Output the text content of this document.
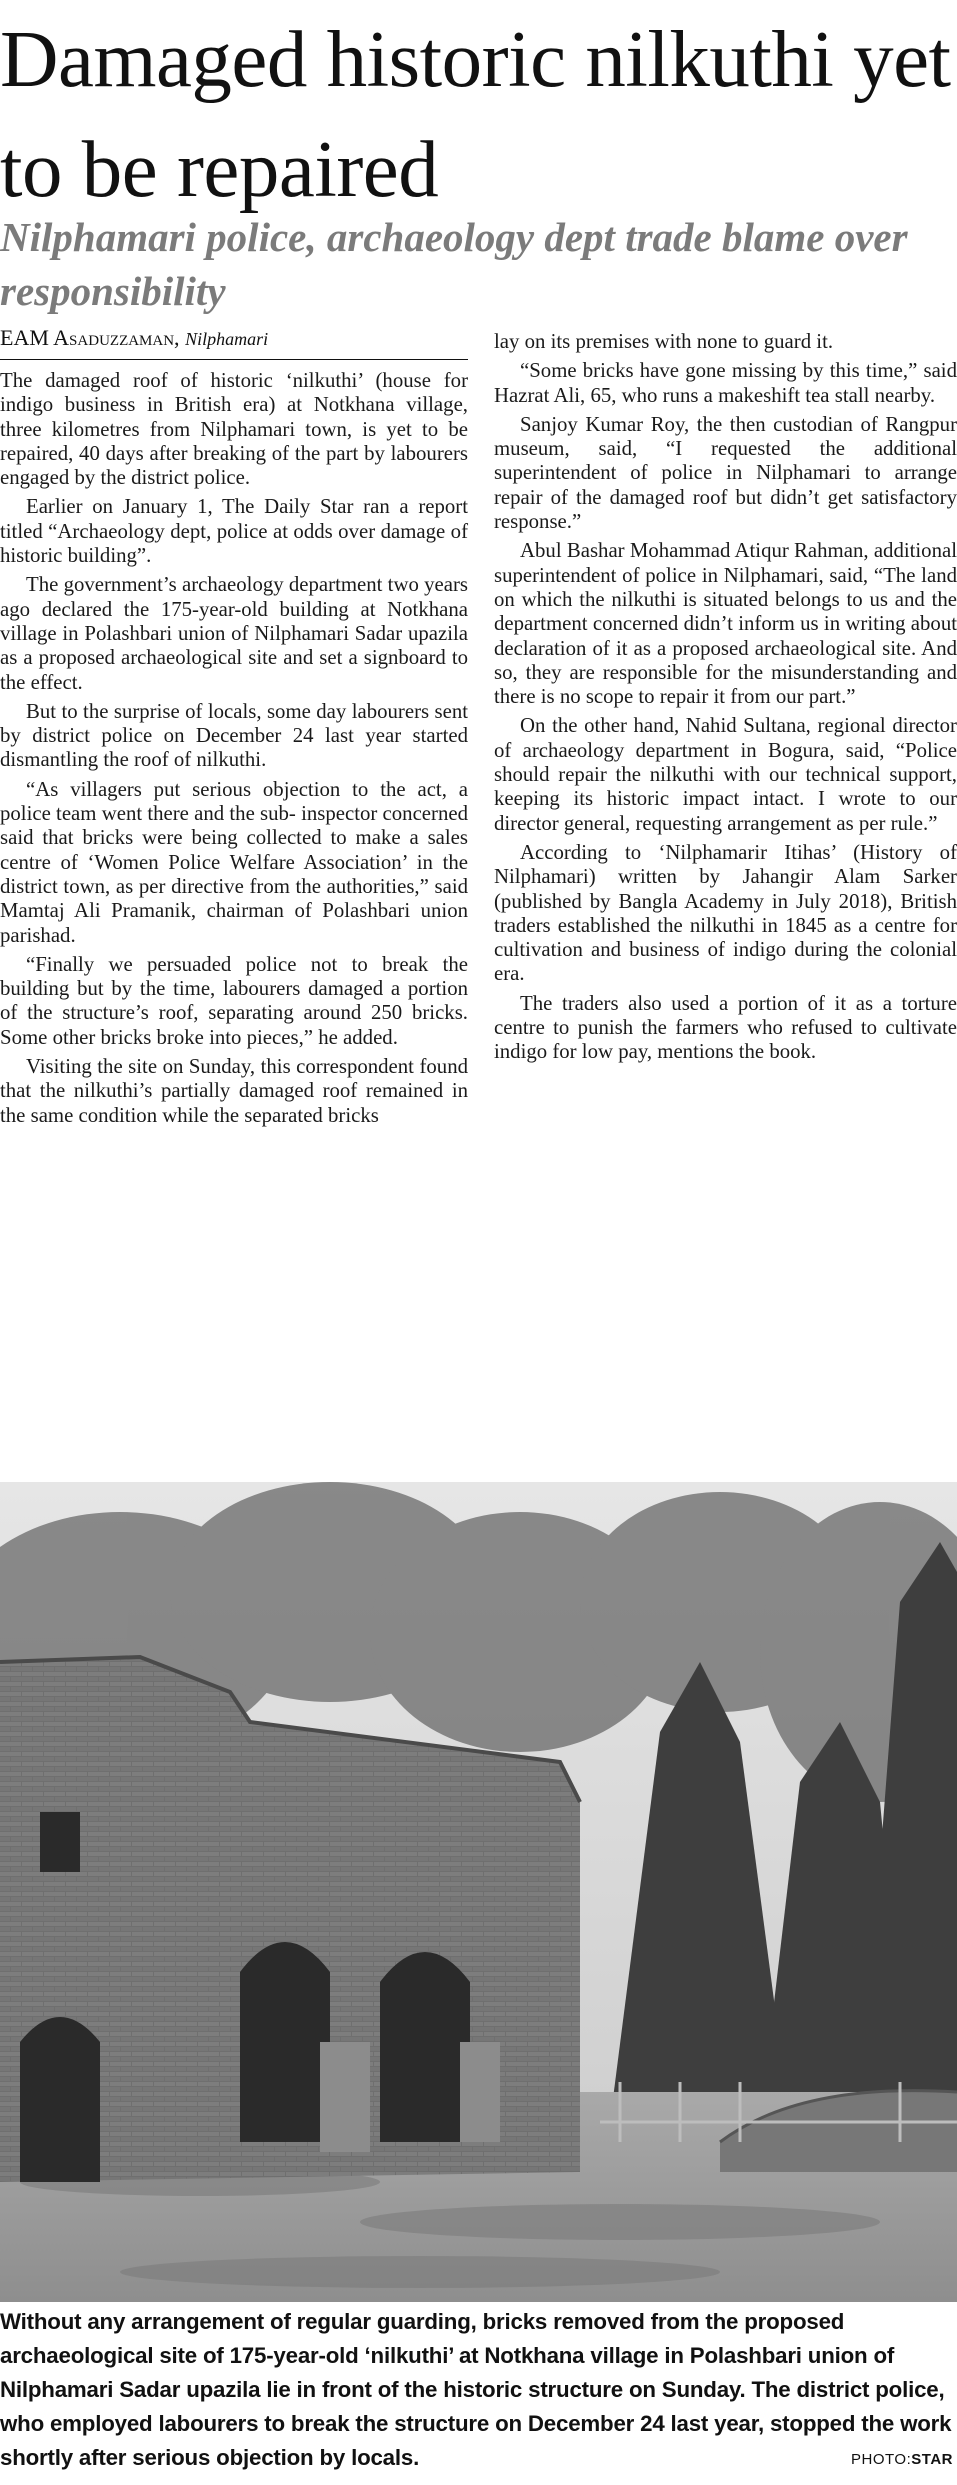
Damaged historic nilkuthi yet to be repaired
Nilphamari police, archaeology dept trade blame over responsibility
EAM Asaduzzaman, Nilphamari

The damaged roof of historic ‘nilkuthi’ (house for indigo business in British era) at Notkhana village, three kilometres from Nilphamari town, is yet to be repaired, 40 days after breaking of the part by labourers engaged by the district police.

Earlier on January 1, The Daily Star ran a report titled “Archaeology dept, police at odds over damage of historic building”.

The government’s archaeology department two years ago declared the 175-year-old building at Notkhana village in Polashbari union of Nilphamari Sadar upazila as a proposed archaeological site and set a signboard to the effect.

But to the surprise of locals, some day labourers sent by district police on December 24 last year started dismantling the roof of nilkuthi.

“As villagers put serious objection to the act, a police team went there and the sub- inspector concerned said that bricks were being collected to make a sales centre of ‘Women Police Welfare Association’ in the district town, as per directive from the authorities,” said Mamtaj Ali Pramanik, chairman of Polashbari union parishad.

“Finally we persuaded police not to break the building but by the time, labourers damaged a portion of the structure’s roof, separating around 250 bricks. Some other bricks broke into pieces,” he added.

Visiting the site on Sunday, this correspondent found that the nilkuthi’s partially damaged roof remained in the same condition while the separated bricks

lay on its premises with none to guard it.

“Some bricks have gone missing by this time,” said Hazrat Ali, 65, who runs a makeshift tea stall nearby.

Sanjoy Kumar Roy, the then custodian of Rangpur museum, said, “I requested the additional superintendent of police in Nilphamari to arrange repair of the damaged roof but didn’t get satisfactory response.”

Abul Bashar Mohammad Atiqur Rahman, additional superintendent of police in Nilphamari, said, “The land on which the nilkuthi is situated belongs to us and the department concerned didn’t inform us in writing about declaration of it as a proposed archaeological site. And so, they are responsible for the misunderstanding and there is no scope to repair it from our part.”

On the other hand, Nahid Sultana, regional director of archaeology department in Bogura, said, “Police should repair the nilkuthi with our technical support, keeping its historic impact intact. I wrote to our director general, requesting arrangement as per rule.”

According to ‘Nilphamarir Itihas’ (History of Nilphamari) written by Jahangir Alam Sarker (published by Bangla Academy in July 2018), British traders established the nilkuthi in 1845 as a centre for cultivation and business of indigo during the colonial era.

The traders also used a portion of it as a torture centre to punish the farmers who refused to cultivate indigo for low pay, mentions the book.

Without any arrangement of regular guarding, bricks removed from the proposed archaeological site of 175-year-old ‘nilkuthi’ at Notkhana village in Polashbari union of Nilphamari Sadar upazila lie in front of the historic structure on Sunday. The district police, who employed labourers to break the structure on December 24 last year, stopped the work shortly after serious objection by locals.	PHOTO:STAR
